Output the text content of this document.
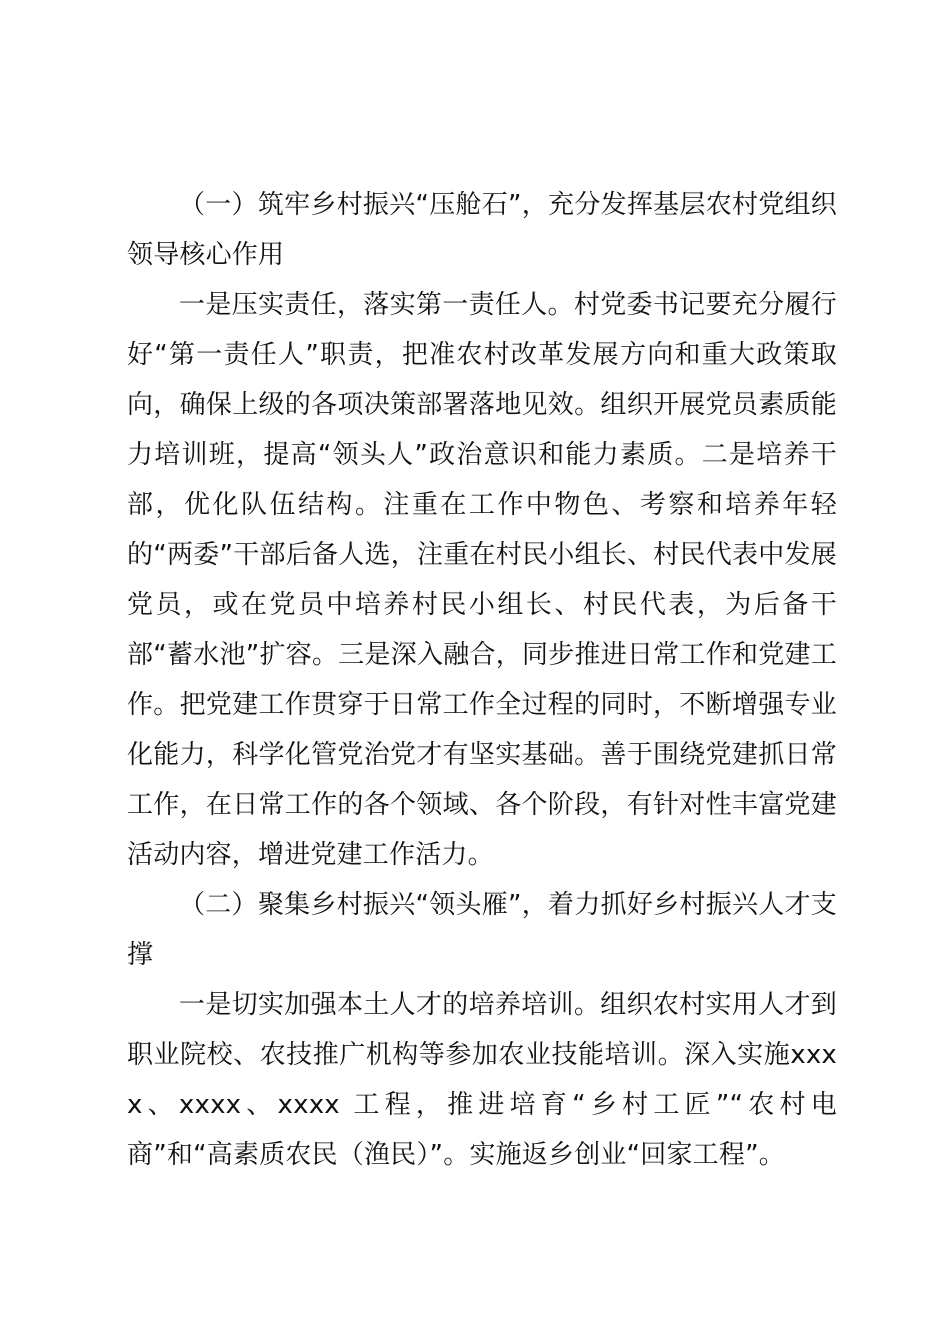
（一）筑牢乡村振兴“压舱石”，充分发挥基层农村党组织领导核心作用

一是压实责任，落实第一责任人。村党委书记要充分履行好“第一责任人”职责，把准农村改革发展方向和重大政策取向，确保上级的各项决策部署落地见效。组织开展党员素质能力培训班，提高“领头人”政治意识和能力素质。二是培养干部，优化队伍结构。注重在工作中物色、考察和培养年轻的“两委”干部后备人选，注重在村民小组长、村民代表中发展党员，或在党员中培养村民小组长、村民代表，为后备干部“蓄水池”扩容。三是深入融合，同步推进日常工作和党建工作。把党建工作贯穿于日常工作全过程的同时，不断增强专业化能力，科学化管党治党才有坚实基础。善于围绕党建抓日常工作，在日常工作的各个领域、各个阶段，有针对性丰富党建活动内容，增进党建工作活力。

（二）聚集乡村振兴“领头雁”，着力抓好乡村振兴人才支撑

一是切实加强本土人才的培养培训。组织农村实用人才到职业院校、农技推广机构等参加农业技能培训。深入实施xxxx、xxxx、xxxx 工程，推进培育“乡村工匠”“农村电商”和“高素质农民（渔民）”。实施返乡创业“回家工程”。
